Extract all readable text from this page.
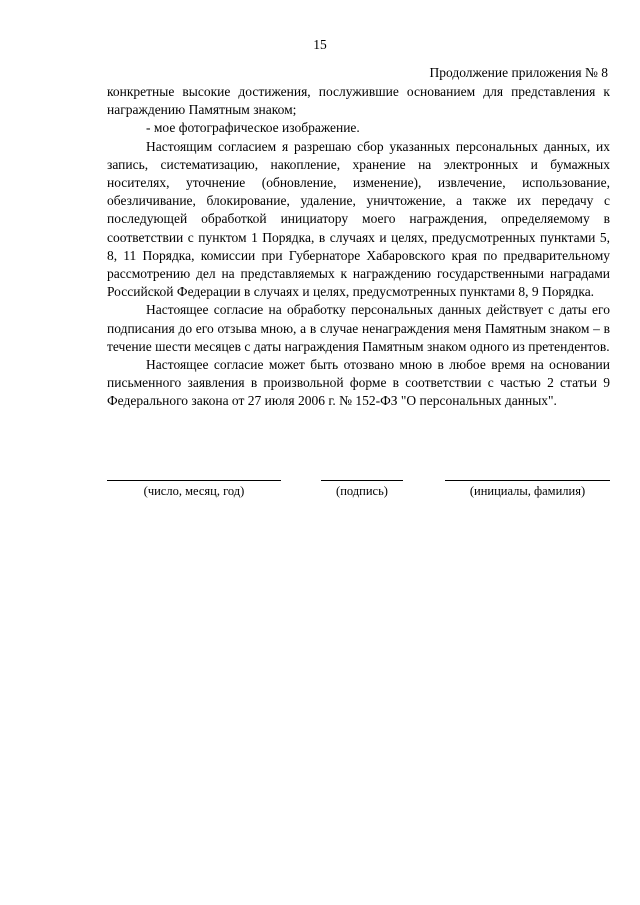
15
Продолжение приложения № 8

конкретные высокие достижения, послужившие основанием для представления к награждению Памятным знаком;

- мое фотографическое изображение.

Настоящим согласием я разрешаю сбор указанных персональных данных, их запись, систематизацию, накопление, хранение на электронных и бумажных носителях, уточнение (обновление, изменение), извлечение, использование, обезличивание, блокирование, удаление, уничтожение, а также их передачу с последующей обработкой инициатору моего награждения, определяемому в соответствии с пунктом 1 Порядка, в случаях и целях, предусмотренных пунктами 5, 8, 11 Порядка, комиссии при Губернаторе Хабаровского края по предварительному рассмотрению дел на представляемых к награждению государственными наградами Российской Федерации в случаях и целях, предусмотренных пунктами 8, 9 Порядка.

Настоящее согласие на обработку персональных данных действует с даты его подписания до его отзыва мною, а в случае ненаграждения меня Памятным знаком – в течение шести месяцев с даты награждения Памятным знаком одного из претендентов.

Настоящее согласие может быть отозвано мною в любое время на основании письменного заявления в произвольной форме в соответствии с частью 2 статьи 9 Федерального закона от 27 июля 2006 г. № 152-ФЗ "О персональных данных".

(число, месяц, год)	(подпись)	(инициалы, фамилия)
